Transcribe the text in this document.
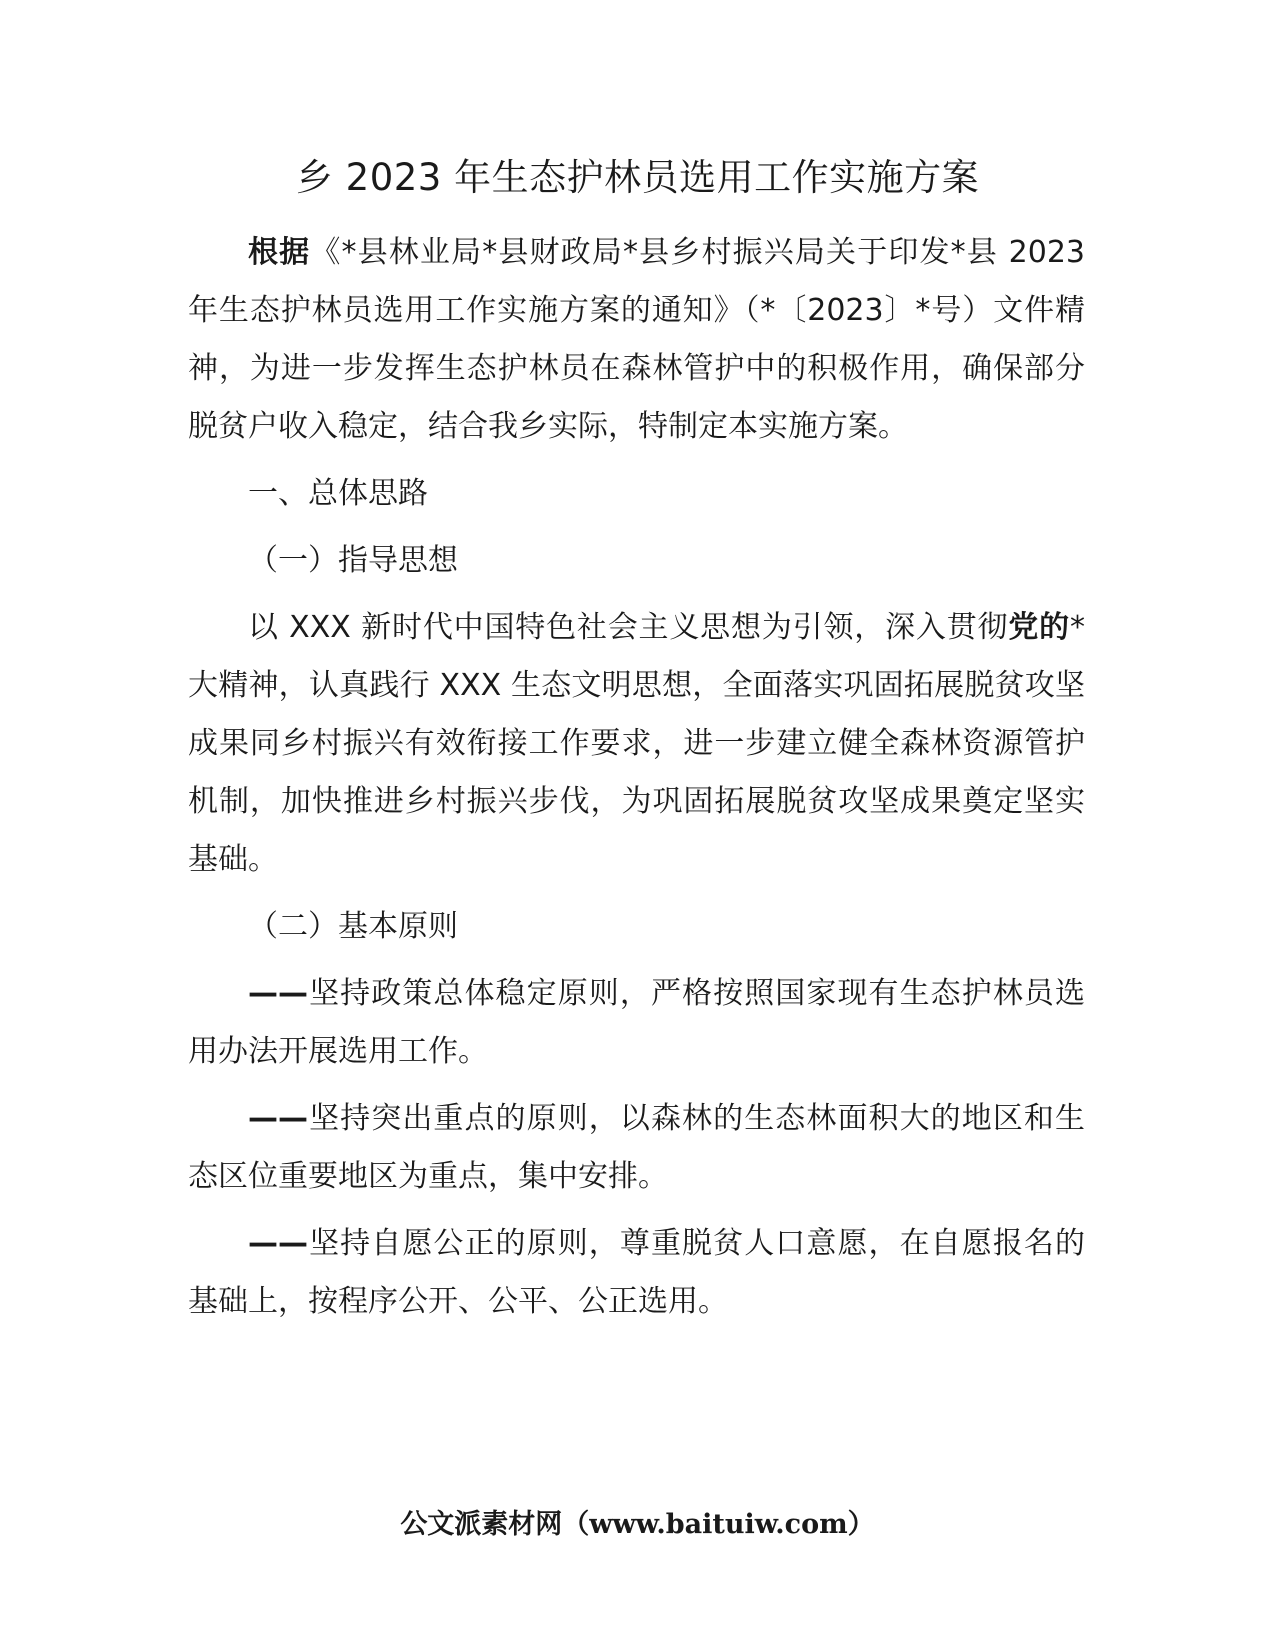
乡 2023 年生态护林员选用工作实施方案

根据《*县林业局*县财政局*县乡村振兴局关于印发*县 2023 年生态护林员选用工作实施方案的通知》（*〔2023〕*号）文件精神，为进一步发挥生态护林员在森林管护中的积极作用，确保部分脱贫户收入稳定，结合我乡实际，特制定本实施方案。

一、总体思路

（一）指导思想

以 XXX 新时代中国特色社会主义思想为引领，深入贯彻党的*大精神，认真践行 XXX 生态文明思想，全面落实巩固拓展脱贫攻坚成果同乡村振兴有效衔接工作要求，进一步建立健全森林资源管护机制，加快推进乡村振兴步伐，为巩固拓展脱贫攻坚成果奠定坚实基础。

（二）基本原则

——坚持政策总体稳定原则，严格按照国家现有生态护林员选用办法开展选用工作。

——坚持突出重点的原则，以森林的生态林面积大的地区和生态区位重要地区为重点，集中安排。

——坚持自愿公正的原则，尊重脱贫人口意愿，在自愿报名的基础上，按程序公开、公平、公正选用。

公文派素材网（www.baituiw.com）
